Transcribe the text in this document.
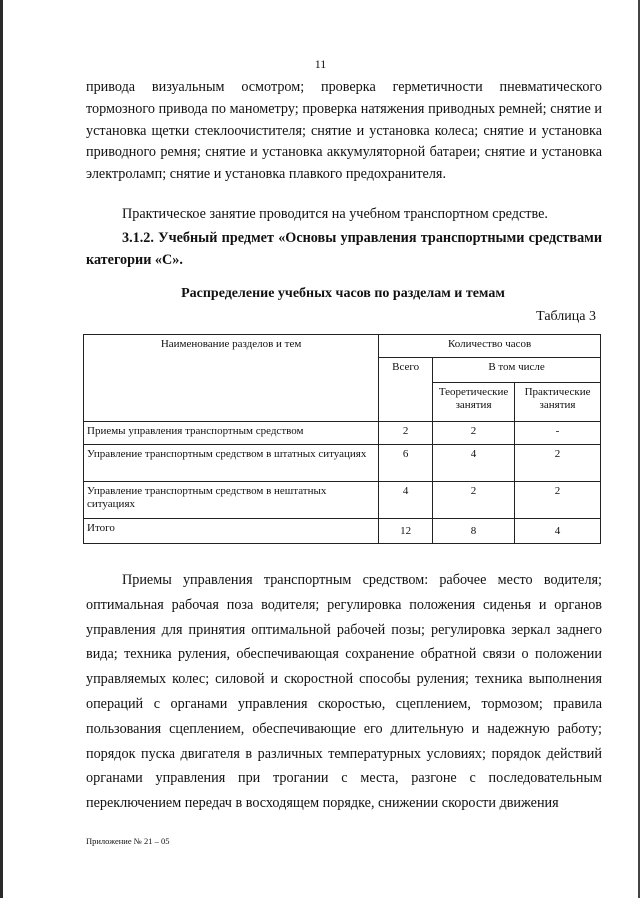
11

привода визуальным осмотром; проверка герметичности пневматического тормозного привода по манометру; проверка натяжения приводных ремней; снятие и установка щетки стеклоочистителя; снятие и установка колеса; снятие и установка приводного ремня; снятие и установка аккумуляторной батареи; снятие и установка электроламп; снятие и установка плавкого предохранителя.

Практическое занятие проводится на учебном транспортном средстве.

3.1.2. Учебный предмет «Основы управления транспортными средствами категории «C».

Распределение учебных часов по разделам и темам
Таблица 3
Наименование разделов и тем	Количество часов		
	Всего	В том числе	
		Теоретические занятия	Практические занятия
Приемы управления транспортным средством	2	2	-
Управление транспортным средством в штатных ситуациях	6	4	2
Управление транспортным средством в нештатных ситуациях	4	2	2
Итого	12	8	4

Приемы управления транспортным средством: рабочее место водителя; оптимальная рабочая поза водителя; регулировка положения сиденья и органов управления для принятия оптимальной рабочей позы; регулировка зеркал заднего вида; техника руления, обеспечивающая сохранение обратной связи о положении управляемых колес; силовой и скоростной способы руления; техника выполнения операций с органами управления скоростью, сцеплением, тормозом; правила пользования сцеплением, обеспечивающие его длительную и надежную работу; порядок пуска двигателя в различных температурных условиях; порядок действий органами управления при трогании с места, разгоне с последовательным переключением передач в восходящем порядке, снижении скорости движения

Приложение № 21 – 05
